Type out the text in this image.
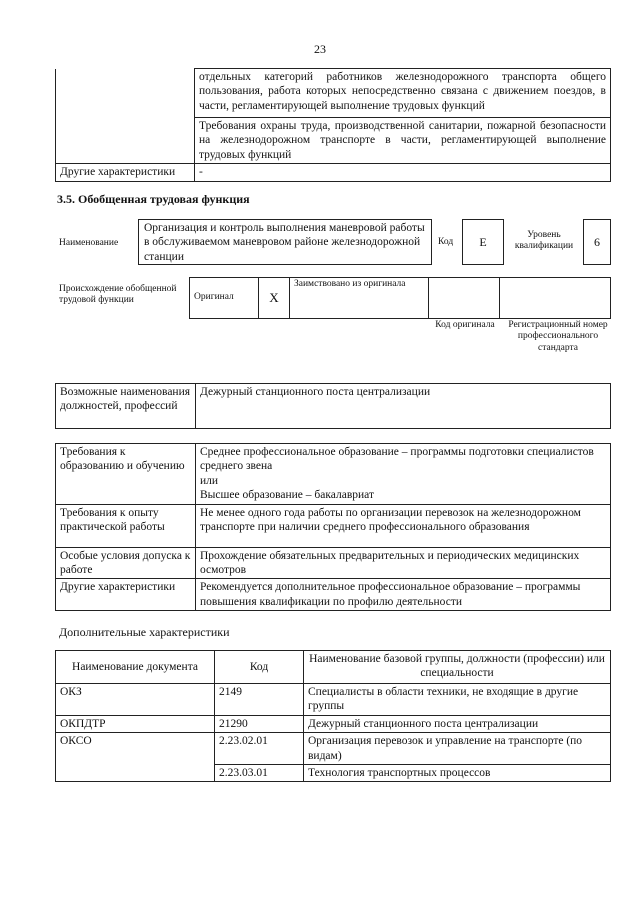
23
	отдельных категорий работников железнодорожного транспорта общего пользования, работа которых непосредственно связана с движением поездов, в части, регламентирующей выполнение трудовых функций
	Требования охраны труда, производственной санитарии, пожарной безопасности на железнодорожном транспорте в части, регламентирующей выполнение трудовых функций
Другие характеристики	-
3.5. Обобщенная трудовая функция
Наименование
Организация и контроль выполнения маневровой работы в обслуживаемом маневровом районе железнодорожной станции
Код	E	Уровень квалификации	6
Происхождение обобщенной трудовой функции	Оригинал	X	Заимствовано из оригинала		
Код оригинала	Регистрационный номер профессионального стандарта
Возможные наименования должностей, профессий	Дежурный станционного поста централизации
Требования к образованию и обучению	Среднее профессиональное образование – программы подготовки специалистов среднего звена
или
Высшее образование – бакалавриат

Требования к опыту практической работы	Не менее одного года работы по организации перевозок на железнодорожном транспорте при наличии среднего профессионального образования
Особые условия допуска к работе	Прохождение обязательных предварительных и периодических медицинских осмотров
Другие характеристики	Рекомендуется дополнительное профессиональное образование – программы повышения квалификации по профилю деятельности
Дополнительные характеристики
Наименование документа	Код	Наименование базовой группы, должности (профессии) или специальности
ОКЗ	2149	Специалисты в области техники, не входящие в другие группы
ОКПДТР	21290	Дежурный станционного поста централизации
ОКСО	2.23.02.01	Организация перевозок и управление на транспорте (по видам)
	2.23.03.01	Технология транспортных процессов
